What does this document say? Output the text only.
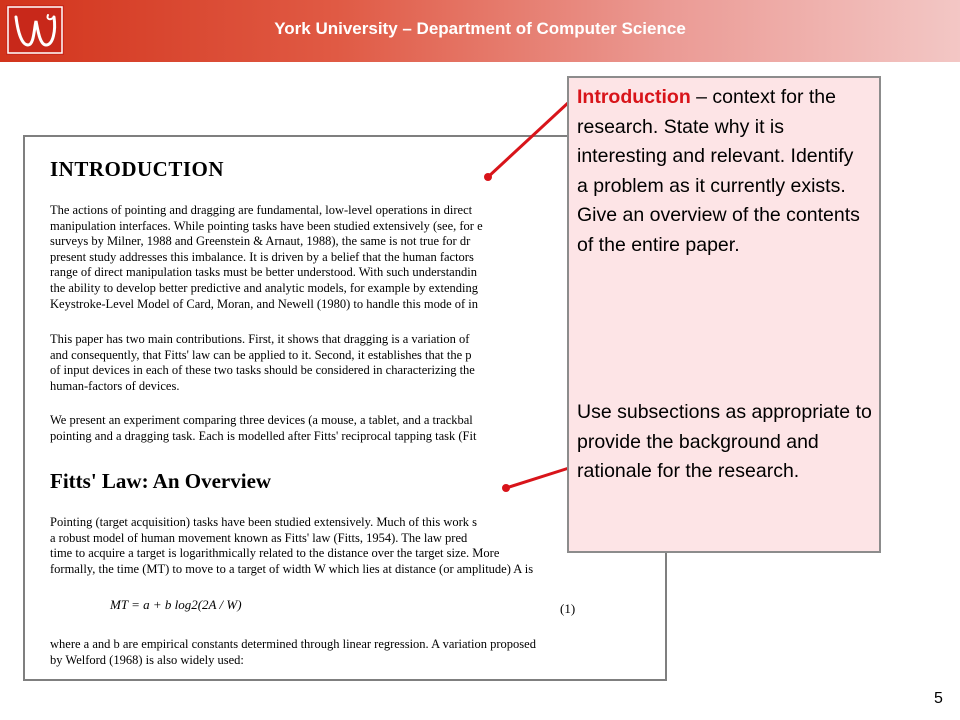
York University – Department of Computer Science
INTRODUCTION
The actions of pointing and dragging are fundamental, low-level operations in direct
manipulation interfaces. While pointing tasks have been studied extensively (see, for e
surveys by Milner, 1988 and Greenstein & Arnaut, 1988), the same is not true for dr
present study addresses this imbalance. It is driven by a belief that the human factors
range of direct manipulation tasks must be better understood. With such understandin
the ability to develop better predictive and analytic models, for example by extending
Keystroke-Level Model of Card, Moran, and Newell (1980) to handle this mode of in
This paper has two main contributions. First, it shows that dragging is a variation of
and consequently, that Fitts' law can be applied to it. Second, it establishes that the p
of input devices in each of these two tasks should be considered in characterizing the
human-factors of devices.
We present an experiment comparing three devices (a mouse, a tablet, and a trackbal
pointing and a dragging task. Each is modelled after Fitts' reciprocal tapping task (Fit
Fitts' Law: An Overview
Pointing (target acquisition) tasks have been studied extensively. Much of this work s
a robust model of human movement known as Fitts' law (Fitts, 1954). The law pred
time to acquire a target is logarithmically related to the distance over the target size. More
formally, the time (MT) to move to a target of width W which lies at distance (or amplitude) A is
MT = a + b log2(2A / W)	(1)
where a and b are empirical constants determined through linear regression. A variation proposed
by Welford (1968) is also widely used:
Introduction – context for the research. State why it is interesting and relevant. Identify a problem as it currently exists. Give an overview of the contents of the entire paper.
Use subsections as appropriate to provide the background and rationale for the research.
5
